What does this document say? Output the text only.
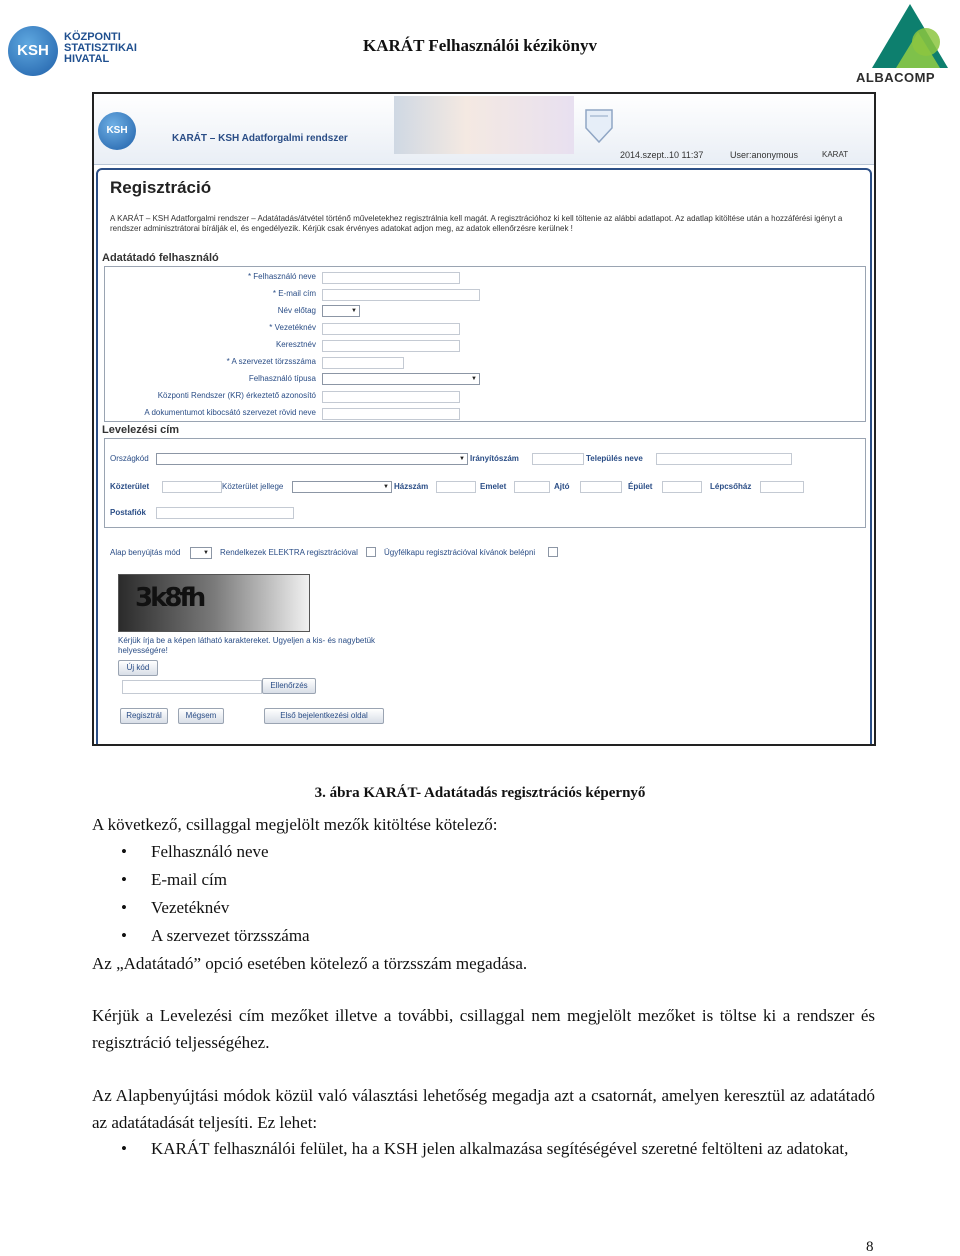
KSH
KÖZPONTI
STATISZTIKAI
HIVATAL
KARÁT Felhasználói kézikönyv
ALBACOMP
KSH
KARÁT – KSH Adatforgalmi rendszer
2014.szept..10 11:37	User:anonymous	KARAT
Regisztráció
A KARÁT – KSH Adatforgalmi rendszer – Adatátadás/átvétel történő műveletekhez regisztrálnia kell magát. A regisztrációhoz ki kell töltenie az alábbi adatlapot. Az adatlap kitöltése után a hozzáférési igényt a rendszer adminisztrátorai bírálják el, és engedélyezik. Kérjük csak érvényes adatokat adjon meg, az adatok ellenőrzésre kerülnek !
Adatátadó felhasználó
* Felhasználó neve
* E-mail cím
Név előtag
▼
* Vezetéknév
Keresztnév
* A szervezet törzsszáma
Felhasználó típusa
▼
Központi Rendszer (KR) érkeztető azonosító
A dokumentumot kibocsátó szervezet rövid neve
Levelezési cím
Országkód ▼	Irányítószám	Település neve
Közterület	Közterület jellege ▼	Házszám	Emelet	Ajtó	Épület	Lépcsőház
Postafiók
Alap benyújtás mód ▼	Rendelkezek ELEKTRA regisztrációval	Ügyfélkapu regisztrációval kívánok belépni
3k8fh
Kérjük írja be a képen látható karaktereket. Ugyeljen a kis- és nagybetük helyességére!
Új kód
Ellenőrzés
Regisztrál	Mégsem	Első bejelentkezési oldal
3. ábra KARÁT- Adatátadás regisztrációs képernyő
A következő, csillaggal megjelölt mezők kitöltése kötelező:
• Felhasználó neve
• E-mail cím
• Vezetéknév
• A szervezet törzsszáma
Az „Adatátadó” opció esetében kötelező a törzsszám megadása.
Kérjük a Levelezési cím mezőket illetve a további, csillaggal nem megjelölt mezőket is töltse ki a rendszer és regisztráció teljességéhez.
Az Alapbenyújtási módok közül való választási lehetőség megadja azt a csatornát, amelyen keresztül az adatátadó az adatátadását teljesíti. Ez lehet:
• KARÁT felhasználói felület, ha a KSH jelen alkalmazása segítéségével szeretné feltölteni az adatokat,
8
